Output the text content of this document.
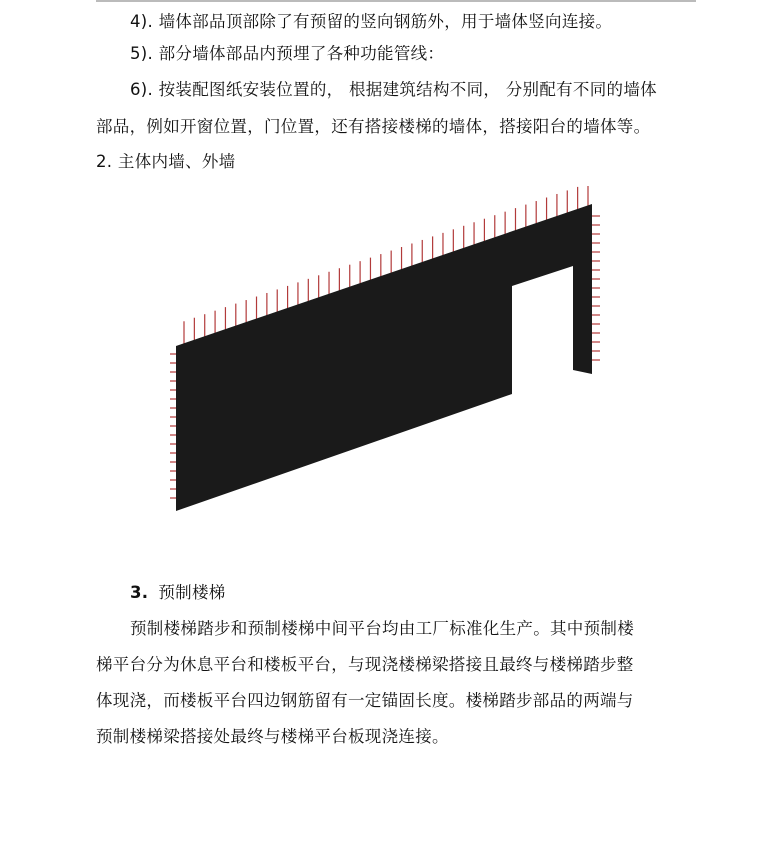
4). 墙体部品顶部除了有预留的竖向钢筋外，用于墙体竖向连接。
5). 部分墙体部品内预埋了各种功能管线：
6). 按装配图纸安装位置的， 根据建筑结构不同， 分别配有不同的墙体
部品，例如开窗位置，门位置，还有搭接楼梯的墙体，搭接阳台的墙体等。
2. 主体内墙、外墙
3. 预制楼梯
预制楼梯踏步和预制楼梯中间平台均由工厂标准化生产。其中预制楼
梯平台分为休息平台和楼板平台，与现浇楼梯梁搭接且最终与楼梯踏步整
体现浇，而楼板平台四边钢筋留有一定锚固长度。楼梯踏步部品的两端与
预制楼梯梁搭接处最终与楼梯平台板现浇连接。
